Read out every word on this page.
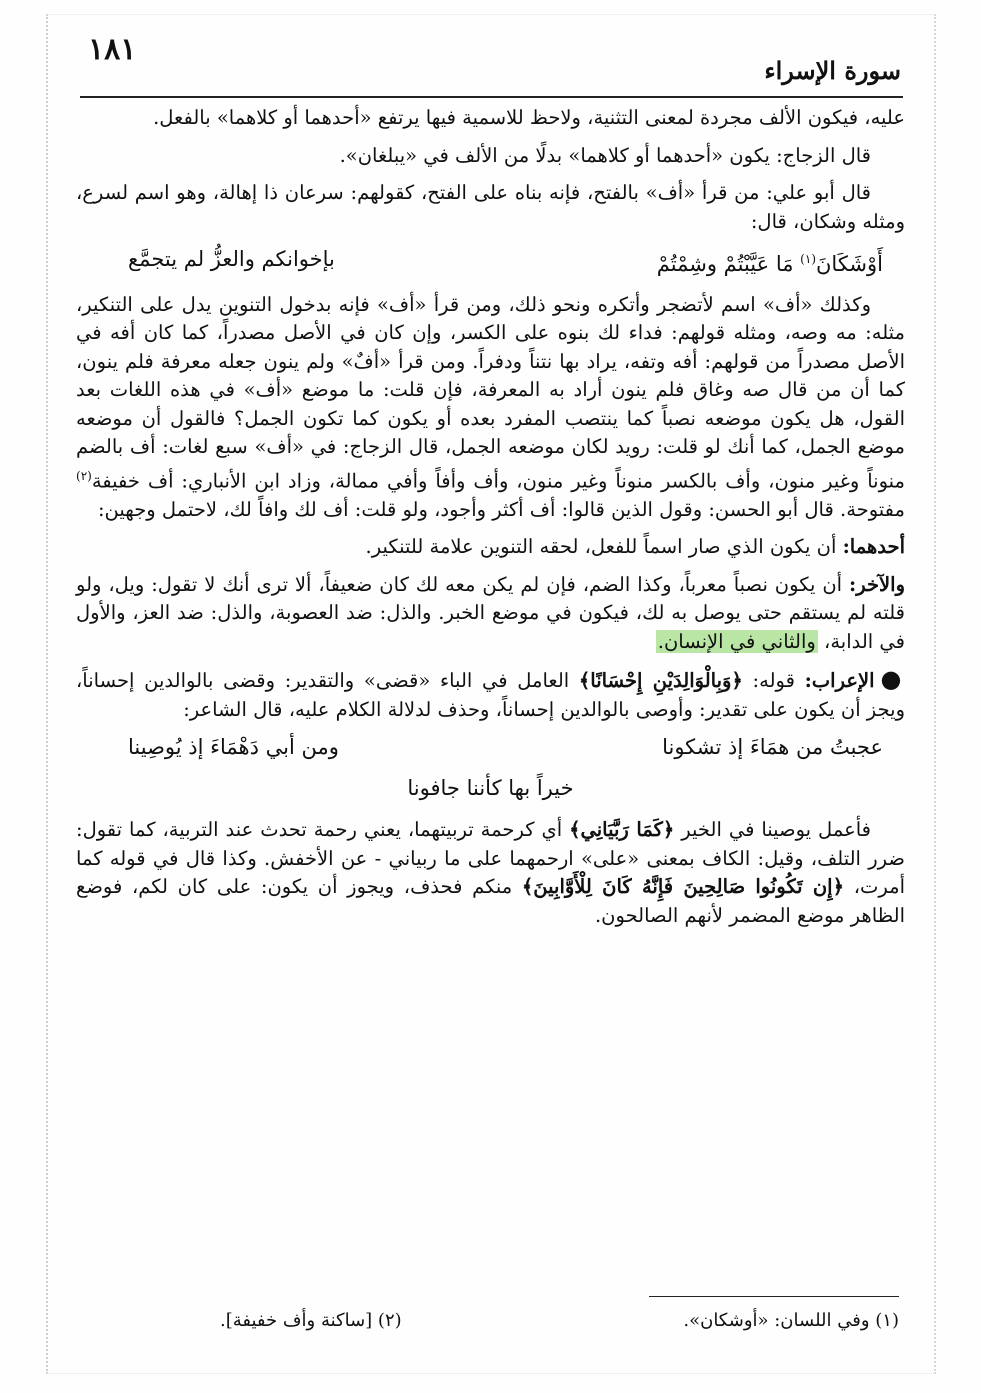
١٨١
سورة الإسراء

عليه، فيكون الألف مجردة لمعنى التثنية، ولاحظ للاسمية فيها يرتفع «أحدهما أو كلاهما» بالفعل.

قال الزجاج: يكون «أحدهما أو كلاهما» بدلًا من الألف في «يبلغان».

قال أبو علي: من قرأ «أف» بالفتح، فإنه بناه على الفتح، كقولهم: سرعان ذا إهالة، وهو اسم لسرع، ومثله وشكان، قال:

أَوْشَكَانَ$^{(١)}$ مَا عَيَّبْتُمْ وشِمْتُمْ
بإخوانكم والعزُّ لم يتجمَّع

وكذلك «أف» اسم لأتضجر وأتكره ونحو ذلك، ومن قرأ «أف» فإنه بدخول التنوين يدل على التنكير، مثله: مه وصه، ومثله قولهم: فداء لك بنوه على الكسر، وإن كان في الأصل مصدراً، كما كان أفه في الأصل مصدراً من قولهم: أفه وتفه، يراد بها نتناً ودفراً. ومن قرأ «أفٌ» ولم ينون جعله معرفة فلم ينون، كما أن من قال صه وغاق فلم ينون أراد به المعرفة، فإن قلت: ما موضع «أف» في هذه اللغات بعد القول، هل يكون موضعه نصباً كما ينتصب المفرد بعده أو يكون كما تكون الجمل؟ فالقول أن موضعه موضع الجمل، كما أنك لو قلت: رويد لكان موضعه الجمل، قال الزجاج: في «أف» سبع لغات: أف بالضم منوناً وغير منون، وأف بالكسر منوناً وغير منون، وأف وأفاً وأفي ممالة، وزاد ابن الأنباري: أف خفيفة$^{(٢)}$ مفتوحة. قال أبو الحسن: وقول الذين قالوا: أف أكثر وأجود، ولو قلت: أف لك وافاً لك، لاحتمل وجهين:

أحدهما: أن يكون الذي صار اسماً للفعل، لحقه التنوين علامة للتنكير.

والآخر: أن يكون نصباً معرباً، وكذا الضم، فإن لم يكن معه لك كان ضعيفاً، ألا ترى أنك لا تقول: ويل، ولو قلته لم يستقم حتى يوصل به لك، فيكون في موضع الخبر. والذل: ضد العصوبة، والذل: ضد العز، والأول في الدابة، والثاني في الإنسان.

●الإعراب: قوله: ﴿وَبِالْوَالِدَيْنِ إِحْسَانًا﴾ العامل في الباء «قضى» والتقدير: وقضى بالوالدين إحساناً، ويجز أن يكون على تقدير: وأوصى بالوالدين إحساناً، وحذف لدلالة الكلام عليه، قال الشاعر:

عجبتُ من همَاءَ إذ تشكونا
ومن أبي دَهْمَاءَ إذ يُوصِينا
خيراً بها كأننا جافونا

فأعمل يوصينا في الخير ﴿كَمَا رَبَّيَانِي﴾ أي كرحمة تربيتهما، يعني رحمة تحدث عند التربية، كما تقول: ضرر التلف، وقيل: الكاف بمعنى «على» ارحمهما على ما ربياني - عن الأخفش. وكذا قال في قوله كما أمرت، ﴿إِن تَكُونُوا صَالِحِينَ فَإِنَّهُ كَانَ لِلْأَوَّابِينَ﴾ منكم فحذف، ويجوز أن يكون: على كان لكم، فوضع الظاهر موضع المضمر لأنهم الصالحون.

(١) وفي اللسان: «أوشكان».
(٢) [ساكنة وأف خفيفة].
